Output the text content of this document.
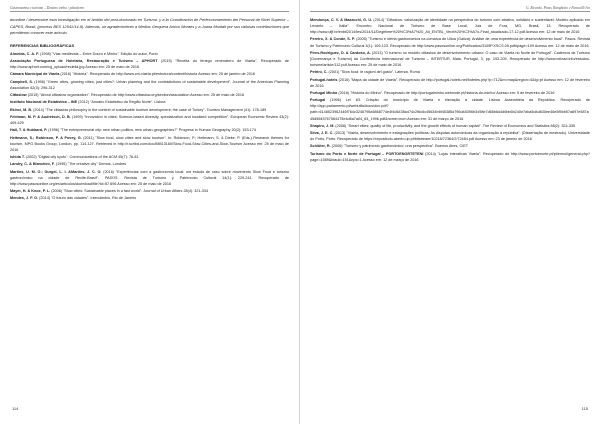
Gastronomia e turismo – Destino vinho / plataform

doordine / desenvolve esta investigação em el âmbito del post-doctorado en Turismo, y a la Coordinación de Perfeccionamiento del Personal de Nivel Superior – CAPES, Brasil, (process BEX 12541/14-9). Además, un agradecimiento a Medius Gerquera Amico Moraes y a Juana Montalt por sus valiosas contribuciones que permitieron conocer este artículo.

REFERENCIAS BIBLIOGRÁFICAS

Almeida, C. A. F. (1998) "Vias medievais – Entre Douro e Minho". Edição do autor, Porto

Associação Portuguesa de Hotelaria, Restauração e Turismo – APHORT (2015) "Receita do fenego renenderro de Viaela". Recuperado de http://www.aphort.com/cg_upload/recleila.jpg Acesso em: 25 de maio de 2016

Câmara Municipal de Viaela (2016) "História". Recuperado de http://www.cm-viaela.pt/estrutura/content/historia Acesso em: 25 de janeiro de 2016

Campbell, S. (1996) "Green cities, growing cities, just cities?: Urban planning and the contradictions of sustainable development". Journal of the American Planning Association 62(3): 296-312

Cittaslow (2015) "About cittaslow organization". Recuperado de http://www.cittaslow.org/section/association Acesso em: 25 de maio de 2016

Instituto Nacional de Estatística – INE (2012) "Anuário Estatístico da Região Norte". Lisboa

Ekinci, M. B. (2014) "The cittaslow philosophy in the context of sustainable tourism development; the case of Turkey". Tourism Management (41): 178-189

Feldman, M. P. & Audretsch, D. B. (1999) "Innovation in cities: Science-based diversity, specialization and localized competition". European Economic Review 43(2): 409-429

Hall, T. & Hubbard, P. (1996) "The entrepreneurial city: new urban politics, new urban geographies?" Progress in Human Geography 20(2): 153-174

Heitmann, S.; Robinson, P. & Povey, G. (2011) "Slow food, slow cities and slow tourism". In: Robinson, P.; Heitmann, S. & Dieke, P. (Eds.) Research themes for tourism. MPG Books Group, London, pp. 114-127. Retrieved in http://r.scribd.com/doc/88513160/Slow-Food-Slow-Cities-and-Slow-Tourism Acesso em: 25 de maio de 2016

Ishida T. (2002) "Digital city kyoto". Communications of the ACM 45(7): 76-81

Landry, C. & Bianchini, F. (1995) "The creative city" Demos, Londres

Martins, U. M. O.; Gurgel, L. I. &Martins, J. C. O. (2016) "Experiências com a gastronomia local: um estudo de caso sobre movimento Slow Food e turismo gastronômico na cidade de Recife-Brasil". PASOS. Revista de Turismo y Patrimonio Cultural 14(1): 229-241. Recuperado de http://www.pasosonline.org/es/articulos/download/file?id=57.696 Acesso em: 25 de maio de 2016

Mayer, H. & Knox, P. L. (2006) "Slow cities: Sustainable places in a fast world". Journal of Urban Affairs 28(4): 321-334

Mendes, J. F. G. (2014) "O futuro das cidades". Intercâmbio, Rio de Janeiro

114
G. Ricardo, Pinto, Ranghetto e Fanuvilli Ivo

Mendonça, C. V. & Mazzuchi, G. U. (2014) "Cittaslow: valorização de identidade na perspectiva do turismo com atrativo, solidário e sustentável: Modelo aplicado em Levanto – Itália". Encontro Nacional de Turismo de Base Local, Juiz de Fora, MG, Brasil, 13. Recuperado de http://www.ufjf.br/enbtl2014/les/2014/11/Degelime%20%C3%A7%20_All_ENTBL_Vera%20%C3%A7o-Final_atualizado-17-12.pdf Acesso em: 12 de maio de 2016

Pereiro, X. & Conde, S. P. (2005) "Turismo e oferta gastronómica na comarca de Ulloa (Galiza): Análise de uma experiência de desenvolvimento local". Pasos. Revista de Turismo y Patrimonio Cultural 3(1): 109-123. Recuperado de http://www.pasosonline.org/Publicados/3105P.XSCS.05.pdf#page=109 Acesso em: 12 de maio de 2016

Pires-Rodriguez, D. & Cardoso, A. (2013) "O turismo no modelo cittaslow de desenvolvimento urbano: O caso de Viaela no Norte de Portugal". Cadernos de Turismo [Governança e Turismo] da Conferência Internacional de Turismo – INTERTUR, Maia, Portugal, 3, pp. 193-209. Recuperado de http://www.ceinad.info/estudos-turisme/article/112.pdf Acesso em: 25 de maio de 2016

Petrini, C. (2001) "Slow food: le ragioni del gusto". Laterza, Roma

Portugal-hotels (2016) "Mapa da cidade de Viaela". Recuperado de http://portugal-hotels.net/hoteles.php?p=712&m=map&region=4&lg=pt Acesso em: 12 de fevereiro de 2016

Portugal Minho (2016) "História do Minho". Recuperado de http://portugalminho.webnode.pt/historia-do-minho/ Acesso em: 5 de fevereiro de 2016

Portugal (1996) Lei 63. Criação do município de Viaela e elevação à cidade. Lisboa Assembleia da República. Recuperado de http://app.parlamento.pt/webutils/docs/doc.pdf?path=6148523962446f764c3246795a5868774e4f4d6435a474c2f6c6c45634b6f45385d796d48396b3498e7d66b6d4d6bb6b240e7dba5d4d630ee46e5f5bb57a697e587a45d5645767564475e4d6a7a04_63_1996.pdf&nome=num Acesso em: 31 de março de 2016

Shapiro, J. M. (2006) "Smart cities: quality of life, productivity, and the growth effects of human capital". The Review of Economics and Statistics 88(2): 324-335

Silva, J. E. C. (2013) "Viaela, desenvolvimento e estagnações políticas: As disputas autonómicas da organização à república". (Dissertação de mestrado). Universidade do Porto, Porto. Recuperado de https://repositorio.aberto.up.pt/bitstream/10216/72364/2/72484.pdf Acesso em: 23 de janeiro de 2016

Schlüter, R. (2006) "Turismo y patrimonio gastronómico: una perspectiva". Buenos Aires, CIET

Turismo do Porto e Norte de Portugal – PORTOENORTETENI (2014) "Lojas Interativas Viaela". Recuperado de http://www.portoenorte.pt/pt/ennoi/general.php?page=1589&biauk=151&nps=1 Acesso em: 12 de março de 2016

115
